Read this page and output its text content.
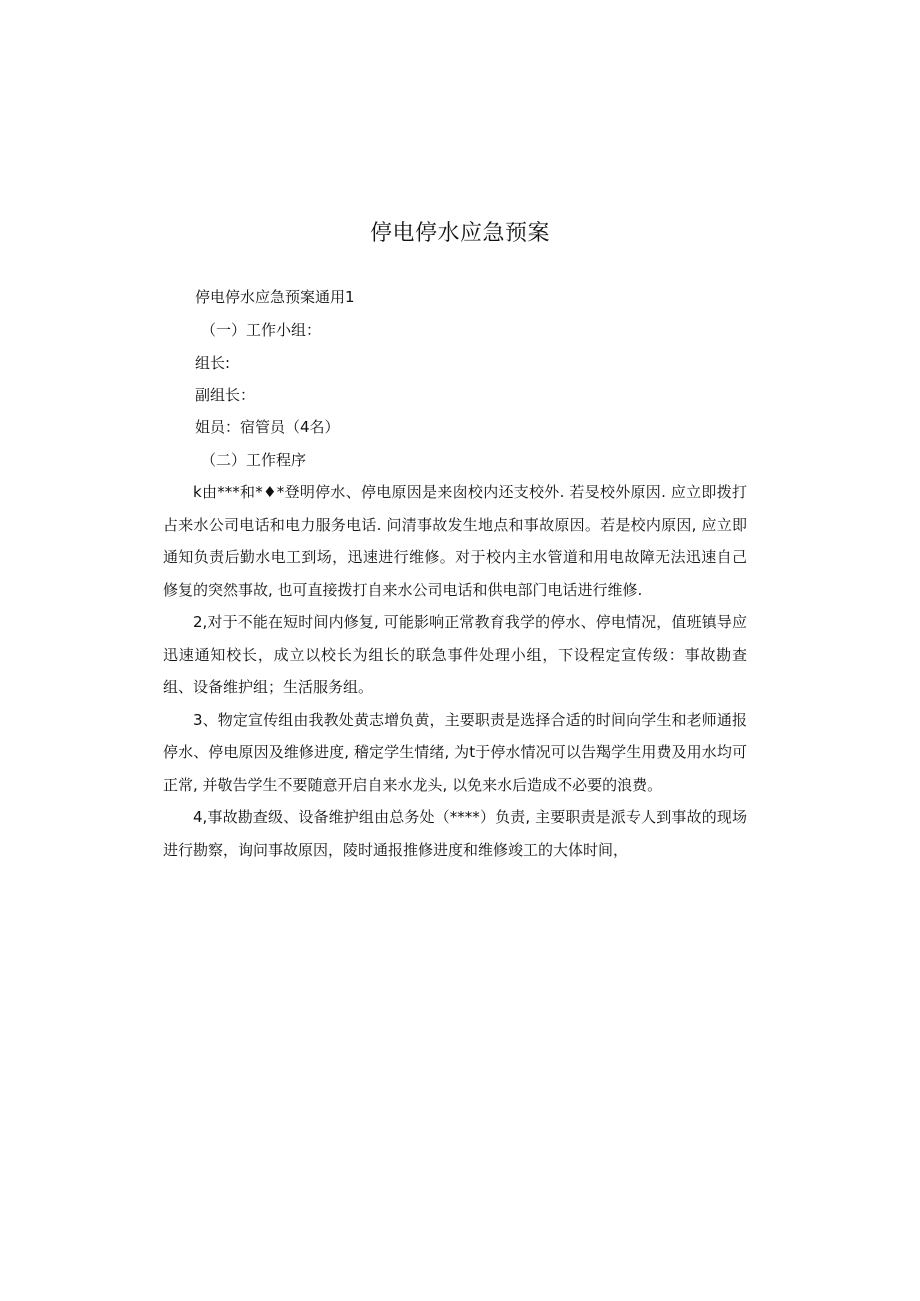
停电停水应急预案
停电停水应急预案通用1
（一）工作小组：
组长:
副组长：
姐员：宿管员（4名）
（二）工作程序

k由***和*♦*登明停水、停电原因是来囱校内还支校外. 若旻校外原因. 应立即拨打占来水公司电话和电力服务电话. 问清事故发生地点和事故原因。若是校内原因, 应立即通知负责后勤水电工到场，迅速进行维修。对于校内主水管道和用电故障无法迅速自己修复的突然事故, 也可直接拨打自来水公司电话和供电部门电话进行维修.

2,对于不能在短时间内修复, 可能影响正常教育我学的停水、停电情况，值班镇导应迅速通知校长，成立以校长为组长的联急事件处理小组，下设程定宣传级：事故勘查组、设备维护组；生活服务组。

3、物定宣传组由我教处黄志增负黄，主要职责是选择合适的时间向学生和老师通报停水、停电原因及维修进度, 稽定学生情绪, 为t于停水情况可以告羯学生用费及用水均可正常, 并敬告学生不要随意开启自来水龙头, 以免来水后造成不必要的浪费。

4,事故勘查级、设备维护组由总务处（****）负责, 主要职责是派专人到事故的现场进行勘察，询问事故原因，陵时通报推修进度和维修竣工的大体时间，
